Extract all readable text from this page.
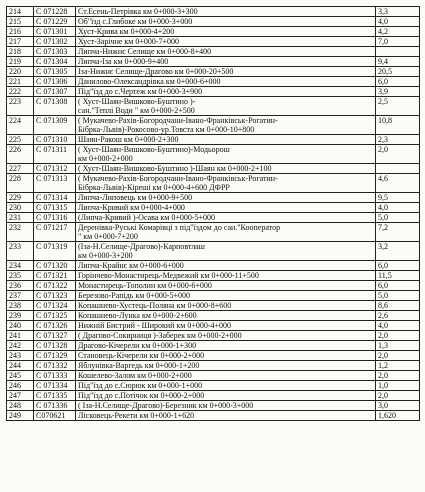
214	С 071228	Ст.Есень-Петрівка км 0+000-3+300	3,3
215	С 071229	Об"їзд с.Глибоке км 0+000-3+000	4,0
216	С 071301	Хуст-Крива км 0+000-4+200	4,2
217	С 071302	Хуст-Зарічне км 0+000-7+000	7,0
218	С 071303	Липча-Нижнє Селище км 0+000-8+400	

219	С 071304	Липча-Іза км 0+000-9+400	9,4
220	С 071305	Іза-Нижнє Селище-Драгово км 0+000-20+500	20,5
221	С 071306	Данилово-Олександрівка км 0+000-6+000	6,0
222	С 071307	Під"їзд до с.Чертеж км 0+000-3+900	3,9
223	С 071308	( Хуст-Шаян-Вишково-Буштино )-
сан."Теплі Води " км 0+000-2+500	2,5
224	С 071309	( Мукачево-Рахів-Богородчани-Івано-Франківськ-Рогатин-
Бібрка-Львів)-Рокосово-ур.Товста км 0+000-10+800	10,8
225	С 071310	Шаян-Ракош км 0+000-2+300	2,3
226	С 071311	( Хуст-Шаян-Вишково-Буштино)-Модьорош
км 0+000-2+000	2,0
227	С 071312	( Хуст-Шаян-Вишково-Буштино )-Шаян км 0+000-2+100	

228	С 071313	( Мукачево-Рахів-Богородчани-Івано-Франківськ-Рогатин-
Бібрка-Львів)-Кіреші км 0+000-4+600 ДФРР	4,6
229	С 071314	Липча-Липовець км 0+000-9+500	9,5
230	С 071315	Липча-Кривий км 0+000-4+000	4,0
231	С 071316	(Липча-Кривий )-Осава км 0+000-5+000	5,0
232	С 071217	Деренівка-Руські Комарівці з під"їздом до сан."Кооператор
" км 0+000-7+200	7,2
233	С 071319	(Іза-Н.Селище-Драгово)-Карповтлаш
км 0+000-3+200	3,2
234	С 071320	Липча-Крайнє км 0+000-6+000	6,0
235	С 071321	Горінчево-Монастирець-Медвежий км 0+000-11+500	11,5
236	С 071322	Монастирець-Тополин км 0+000-6+000	6,0
237	С 071323	Березово-Рапідь км 0+000-5+000	5,0
238	С 071324	Копашнево-Хустець-Поляна км 0+000-8+600	8,6
239	С 071325	Копашнево-Лунка км 0+000-2+600	2,6
240	С 071326	Нижній Бистрий - Широкий км 0+000-4+000	4,0
241	С 071327	( Драгово-Сокирниця )-Заберек км 0+000-2+000	2,0
242	С 071328	Драгово-Кічерели км 0+000-1+300	1,3
243	С 071329	Становець-Кічерели км 0+000-2+000	2,0
244	С 071332	Яблунівка-Варгедь км 0+000-1+200	1,2
245	С 071333	Кошелево-Залом км 0+000-2+000	2,0
246	С 071334	Під"їзд до с.Сюрюк км 0+000-1+000	1,0
247	С 071335	Під"їзд до с.Потічок км 0+000-2+000	2,0
248	С 071336	( Іза-Н.Селище-Драгово)-Березник км 0+000-3+000	3,0
249	С070621	Лісковець-Рекети км 0+000-1+620	1,620
